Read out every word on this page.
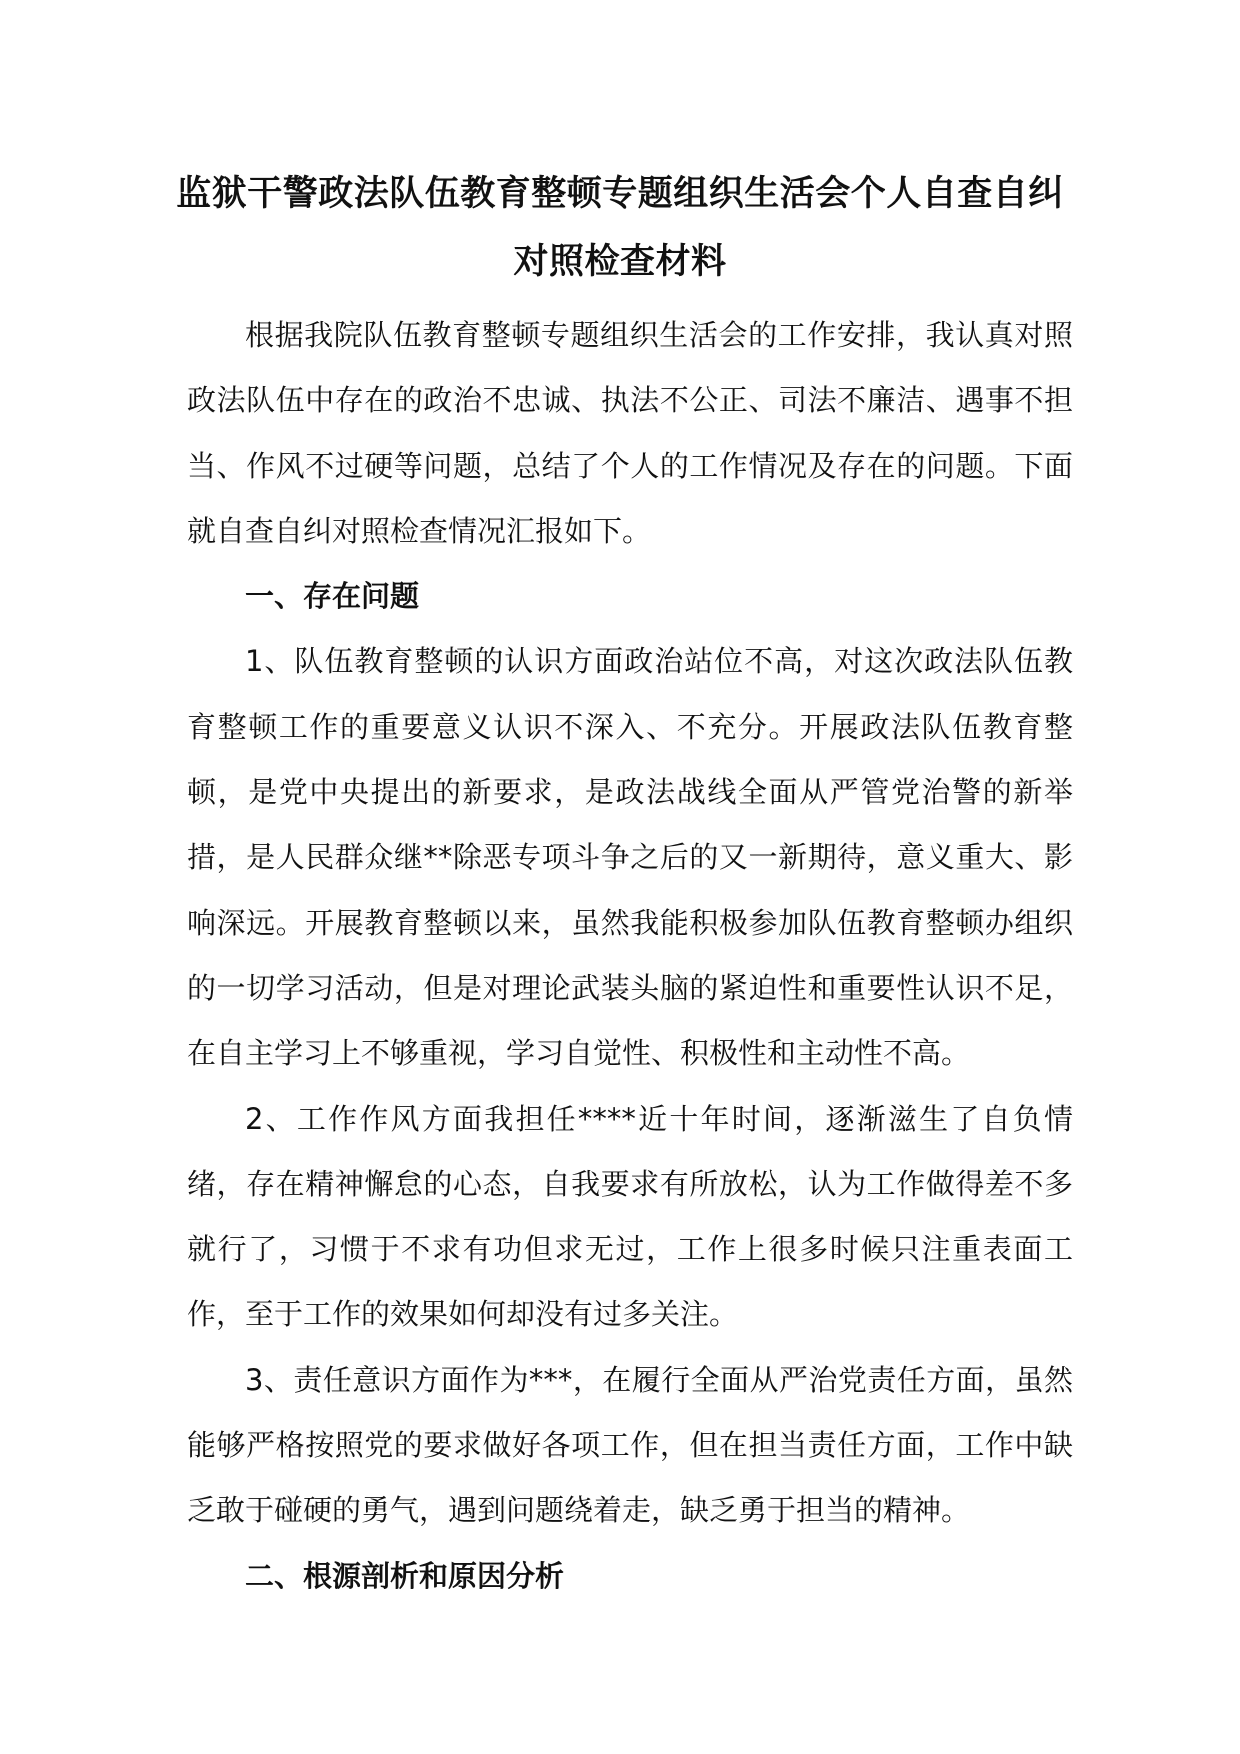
监狱干警政法队伍教育整顿专题组织生活会个人自查自纠
对照检查材料

根据我院队伍教育整顿专题组织生活会的工作安排，我认真对照政法队伍中存在的政治不忠诚、执法不公正、司法不廉洁、遇事不担当、作风不过硬等问题，总结了个人的工作情况及存在的问题。下面就自查自纠对照检查情况汇报如下。

一、存在问题

1、队伍教育整顿的认识方面政治站位不高，对这次政法队伍教育整顿工作的重要意义认识不深入、不充分。开展政法队伍教育整顿，是党中央提出的新要求，是政法战线全面从严管党治警的新举措，是人民群众继**除恶专项斗争之后的又一新期待，意义重大、影响深远。开展教育整顿以来，虽然我能积极参加队伍教育整顿办组织的一切学习活动，但是对理论武装头脑的紧迫性和重要性认识不足，在自主学习上不够重视，学习自觉性、积极性和主动性不高。

2、工作作风方面我担任****近十年时间，逐渐滋生了自负情绪，存在精神懈怠的心态，自我要求有所放松，认为工作做得差不多就行了，习惯于不求有功但求无过，工作上很多时候只注重表面工作，至于工作的效果如何却没有过多关注。

3、责任意识方面作为***，在履行全面从严治党责任方面，虽然能够严格按照党的要求做好各项工作，但在担当责任方面，工作中缺乏敢于碰硬的勇气，遇到问题绕着走，缺乏勇于担当的精神。

二、根源剖析和原因分析
